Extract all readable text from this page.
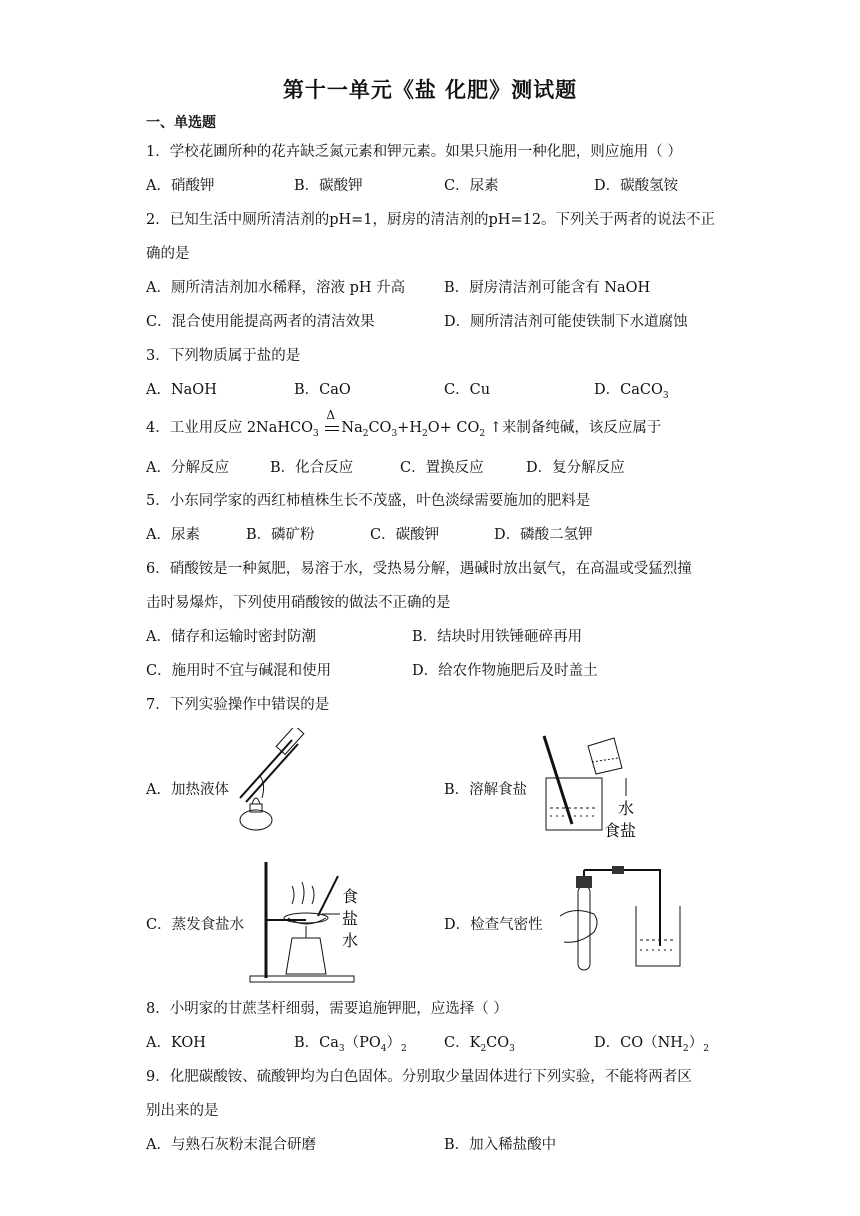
第十一单元《盐 化肥》测试题
一、单选题
1．学校花圃所种的花卉缺乏氮元素和钾元素。如果只施用一种化肥，则应施用（ ）
A．硝酸钾	B．碳酸钾	C．尿素	D．碳酸氢铵
2．已知生活中厕所清洁剂的pH=1，厨房的清洁剂的pH=12。下列关于两者的说法不正
确的是
A．厕所清洁剂加水稀释，溶液 pH 升高	B．厨房清洁剂可能含有 NaOH
C．混合使用能提高两者的清洁效果	D．厕所清洁剂可能使铁制下水道腐蚀
3．下列物质属于盐的是
A．NaOH	B．CaO	C．Cu	D．CaCO$_3$
4．工业用反应 2NaHCO$_3$
Δ
$Na_2CO_3+H_2O+ CO_2$ ↑来制备纯碱，该反应属于
A．分解反应	B．化合反应	C．置换反应	D．复分解反应
5．小东同学家的西红柿植株生长不茂盛，叶色淡绿需要施加的肥料是
A．尿素	B．磷矿粉	C．碳酸钾	D．磷酸二氢钾
6．硝酸铵是一种氮肥，易溶于水，受热易分解，遇碱时放出氨气，在高温或受猛烈撞
击时易爆炸，下列使用硝酸铵的做法不正确的是
A．储存和运输时密封防潮	B．结块时用铁锤砸碎再用
C．施用时不宜与碱混和使用	D．给农作物施肥后及时盖土
7．下列实验操作中错误的是
A．加热液体	B．溶解食盐
C．蒸发食盐水	D．检查气密性
水
食盐
食
盐
水
8．小明家的甘蔗茎杆细弱，需要追施钾肥，应选择（ ）
A．KOH	B．$Ca_3(PO_4)_2$	C．$K_2CO_3$	D．$CO(NH_2)_2$
9．化肥碳酸铵、硫酸钾均为白色固体。分别取少量固体进行下列实验，不能将两者区
别出来的是
A．与熟石灰粉末混合研磨	B．加入稀盐酸中
